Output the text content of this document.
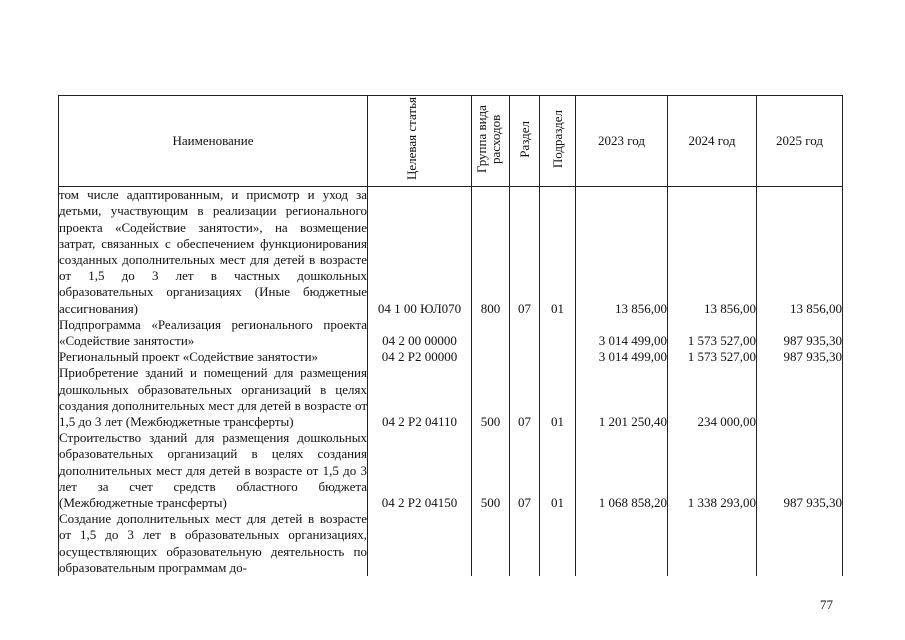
Наименование	Целевая статья	Группа вида расходов	Раздел	Подраздел	2023 год	2024 год	2025 год
том числе адаптированным, и присмотр и уход за детьми, участвующим в реализации регионального проекта «Содействие занятости», на возмещение затрат, связанных с обеспечением функционирования созданных дополнительных мест для детей в возрасте от 1,5 до 3 лет в частных дошкольных образовательных организациях (Иные бюджетные ассигнования)	04 1 00 ЮЛ070	800	07	01	13 856,00	13 856,00	13 856,00
Подпрограмма «Реализация регионального проекта «Содействие занятости»	04 2 00 00000				3 014 499,00	1 573 527,00	987 935,30
Региональный проект «Содействие занятости»	04 2 P2 00000				3 014 499,00	1 573 527,00	987 935,30
Приобретение зданий и помещений для размещения дошкольных образовательных организаций в целях создания дополнительных мест для детей в возрасте от 1,5 до 3 лет (Межбюджетные трансферты)	04 2 P2 04110	500	07	01	1 201 250,40	234 000,00	
Строительство зданий для размещения дошкольных образовательных организаций в целях создания дополнительных мест для детей в возрасте от 1,5 до 3 лет за счет средств областного бюджета (Межбюджетные трансферты)	04 2 P2 04150	500	07	01	1 068 858,20	1 338 293,00	987 935,30
Создание дополнительных мест для детей в возрасте от 1,5 до 3 лет в образовательных организациях, осуществляющих образовательную деятельность по образовательным программам до-							
77
